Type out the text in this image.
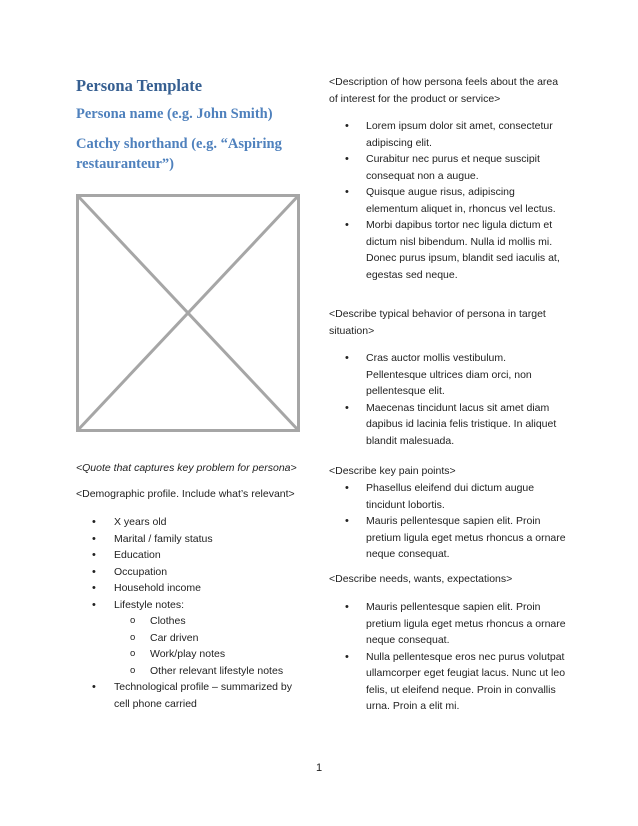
Persona Template
Persona name (e.g. John Smith)
Catchy shorthand (e.g. “Aspiring restauranteur”)

<Quote that captures key problem for persona>

<Demographic profile. Include what’s relevant>

• X years old
• Marital / family status
• Education
• Occupation
• Household income
• Lifestyle notes:
o Clothes
o Car driven
o Work/play notes
o Other relevant lifestyle notes
• Technological profile – summarized by cell phone carried

<Description of how persona feels about the area of interest for the product or service>

• Lorem ipsum dolor sit amet, consectetur adipiscing elit.
• Curabitur nec purus et neque suscipit consequat non a augue.
• Quisque augue risus, adipiscing elementum aliquet in, rhoncus vel lectus.
• Morbi dapibus tortor nec ligula dictum et dictum nisl bibendum. Nulla id mollis mi. Donec purus ipsum, blandit sed iaculis at, egestas sed neque.

<Describe typical behavior of persona in target situation>

• Cras auctor mollis vestibulum. Pellentesque ultrices diam orci, non pellentesque elit.
• Maecenas tincidunt lacus sit amet diam dapibus id lacinia felis tristique. In aliquet blandit malesuada.

<Describe key pain points>

• Phasellus eleifend dui dictum augue tincidunt lobortis.
• Mauris pellentesque sapien elit. Proin pretium ligula eget metus rhoncus a ornare neque consequat.

<Describe needs, wants, expectations>

• Mauris pellentesque sapien elit. Proin pretium ligula eget metus rhoncus a ornare neque consequat.
• Nulla pellentesque eros nec purus volutpat ullamcorper eget feugiat lacus. Nunc ut leo felis, ut eleifend neque. Proin in convallis urna. Proin a elit mi.
1
